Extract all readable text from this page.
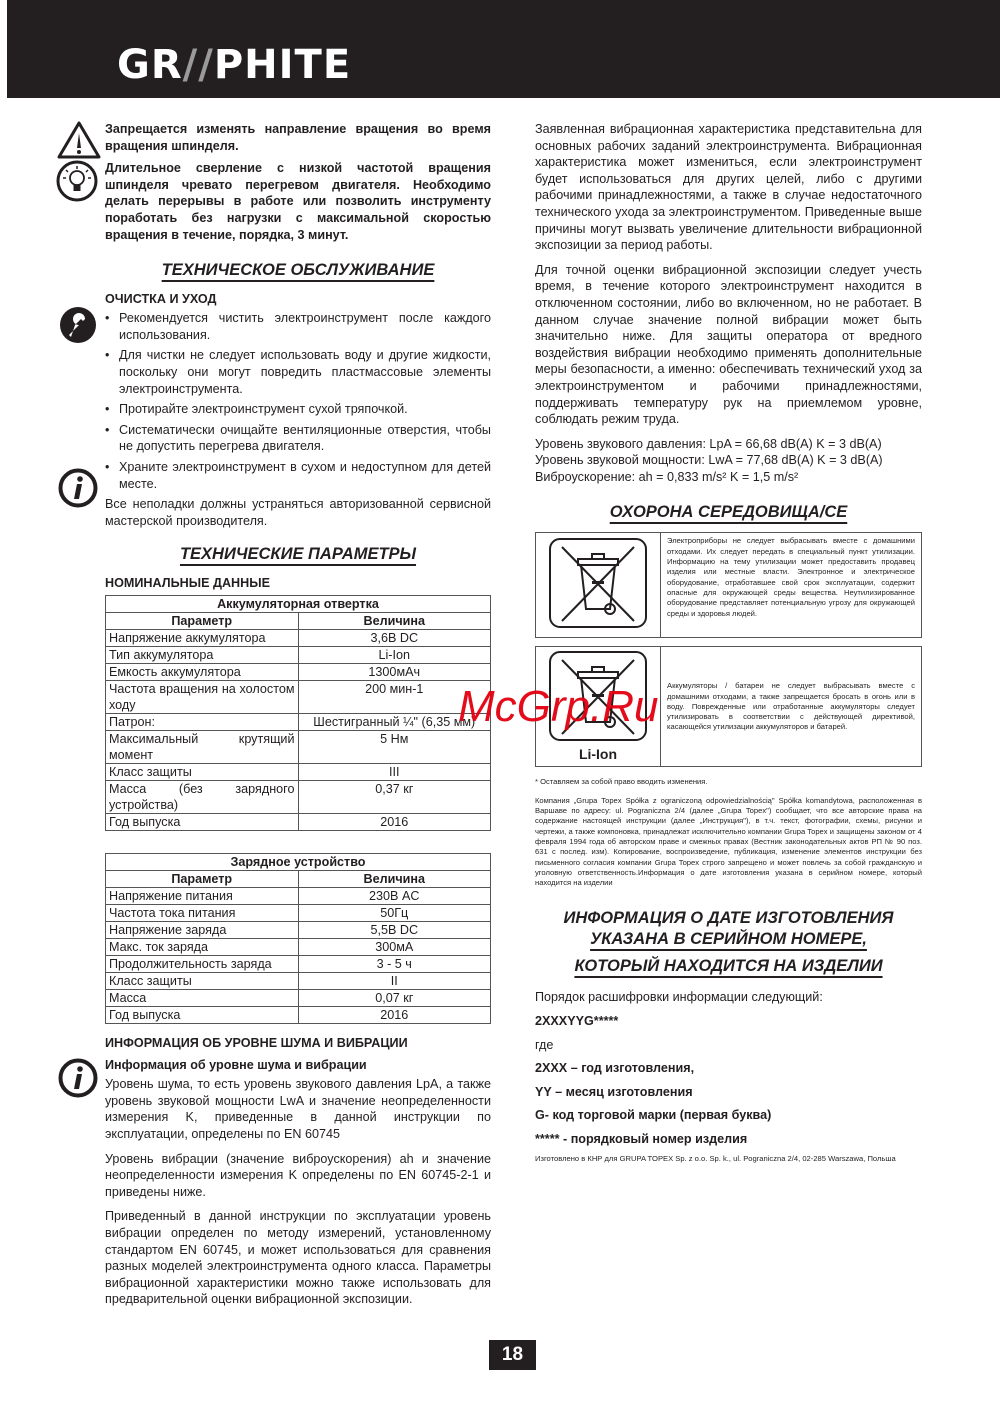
GR//PHITE

Запрещается изменять направление вращения во время вращения шпинделя.

Длительное сверление с низкой частотой вращения шпинделя чревато перегревом двигателя. Необходимо делать перерывы в работе или позволить инструменту поработать без нагрузки с максимальной скоростью вращения в течение, порядка, 3 минут.

ТЕХНИЧЕСКОЕ ОБСЛУЖИВАНИЕ
ОЧИСТКА И УХОД
• Рекомендуется чистить электроинструмент после каждого использования.
• Для чистки не следует использовать воду и другие жидкости, поскольку они могут повредить пластмассовые элементы электроинструмента.
• Протирайте электроинструмент сухой тряпочкой.
• Систематически очищайте вентиляционные отверстия, чтобы не допустить перегрева двигателя.
• Храните электроинструмент в сухом и недоступном для детей месте.

Все неполадки должны устраняться авторизованной сервисной мастерской производителя.

ТЕХНИЧЕСКИЕ ПАРАМЕТРЫ
НОМИНАЛЬНЫЕ ДАННЫЕ
Аккумуляторная отвертка	
Параметр	Величина
Напряжение аккумулятора	3,6В DC
Тип аккумулятора	Li-Ion
Емкость аккумулятора	1300мАч
Частота вращения на холостом ходу	200 мин-1
Патрон:	Шестигранный ¼" (6,35 мм)
Максимальный крутящий момент	5 Нм
Класс защиты	III
Масса (без зарядного устройства)	0,37 кг
Год выпуска	2016
Зарядное устройство	
Параметр	Величина
Напряжение питания	230В AC
Частота тока питания	50Гц
Напряжение заряда	5,5В DC
Макс. ток заряда	300мА
Продолжительность заряда	3 - 5 ч
Класс защиты	II
Масса	0,07 кг
Год выпуска	2016
ИНФОРМАЦИЯ ОБ УРОВНЕ ШУМА И ВИБРАЦИИ
Информация об уровне шума и вибрации

Уровень шума, то есть уровень звукового давления LpA, а также уровень звуковой мощности LwA и значение неопределенности измерения K, приведенные в данной инструкции по эксплуатации, определены по EN 60745

Уровень вибрации (значение виброускорения) ah и значение неопределенности измерения K определены по EN 60745-2-1 и приведены ниже.

Приведенный в данной инструкции по эксплуатации уровень вибрации определен по методу измерений, установленному стандартом EN 60745, и может использоваться для сравнения разных моделей электроинструмента одного класса. Параметры вибрационной характеристики можно также использовать для предварительной оценки вибрационной экспозиции.

Заявленная вибрационная характеристика представительна для основных рабочих заданий электроинструмента. Вибрационная характеристика может измениться, если электроинструмент будет использоваться для других целей, либо с другими рабочими принадлежностями, а также в случае недостаточного технического ухода за электроинструментом. Приведенные выше причины могут вызвать увеличение длительности вибрационной экспозиции за период работы.

Для точной оценки вибрационной экспозиции следует учесть время, в течение которого электроинструмент находится в отключенном состоянии, либо во включенном, но не работает. В данном случае значение полной вибрации может быть значительно ниже. Для защиты оператора от вредного воздействия вибрации необходимо применять дополнительные меры безопасности, а именно: обеспечивать технический уход за электроинструментом и рабочими принадлежностями, поддерживать температуру рук на приемлемом уровне, соблюдать режим труда.

Уровень звукового давления: LpA = 66,68 dB(A) K = 3 dB(A)

Уровень звуковой мощности: LwA = 77,68 dB(A) K = 3 dB(A)

Виброускорение: ah = 0,833 m/s² K = 1,5 m/s²

ОХОРОНА СЕРЕДОВИЩА/CE
	Электроприборы не следует выбрасывать вместе с домашними отходами. Их следует передать в специальный пункт утилизации. Информацию на тему утилизации может предоставить продавец изделия или местные власти. Электронное и электрическое оборудование, отработавшее свой срок эксплуатации, содержит опасные для окружающей среды вещества. Неутилизированное оборудование представляет потенциальную угрозу для окружающей среды и здоровья людей.
Li-Ion
	Аккумуляторы / батареи не следует выбрасывать вместе с домашними отходами, а также запрещается бросать в огонь или в воду. Поврежденные или отработанные аккумуляторы следует утилизировать в соответствии с действующей директивой, касающейся утилизации аккумуляторов и батарей.

* Оставляем за собой право вводить изменения.

Компания „Grupa Topex Spółka z ograniczoną odpowiedzialnością" Spółka komandytowa, расположенная в Варшаве по адресу: ul. Pograniczna 2/4 (далее „Grupa Topex") сообщает, что все авторские права на содержание настоящей инструкции (далее „Инструкция"), в т.ч. текст, фотографии, схемы, рисунки и чертежи, а также компоновка, принадлежат исключительно компании Grupa Topex и защищены законом от 4 февраля 1994 года об авторском праве и смежных правах (Вестник законодательных актов РП № 90 поз. 631 с послед. изм). Копирование, воспроизведение, публикация, изменение элементов инструкции без письменного согласия компании Grupa Topex строго запрещено и может повлечь за собой гражданскую и уголовную ответственность.Информация о дате изготовления указана в серийном номере, который находится на изделии

ИНФОРМАЦИЯ О ДАТЕ ИЗГОТОВЛЕНИЯ
УКАЗАНА В СЕРИЙНОМ НОМЕРЕ,
КОТОРЫЙ НАХОДИТСЯ НА ИЗДЕЛИИ

Порядок расшифровки информации следующий:

2XXXYYG*****

где

2XXX – год изготовления,

YY – месяц изготовления

G- код торговой марки (первая буква)

***** - порядковый номер изделия

Изготовлено в КНР для GRUPA TOPEX Sp. z o.o. Sp. k., ul. Pograniczna 2/4, 02-285 Warszawa, Польша

McGrp.Ru
18
